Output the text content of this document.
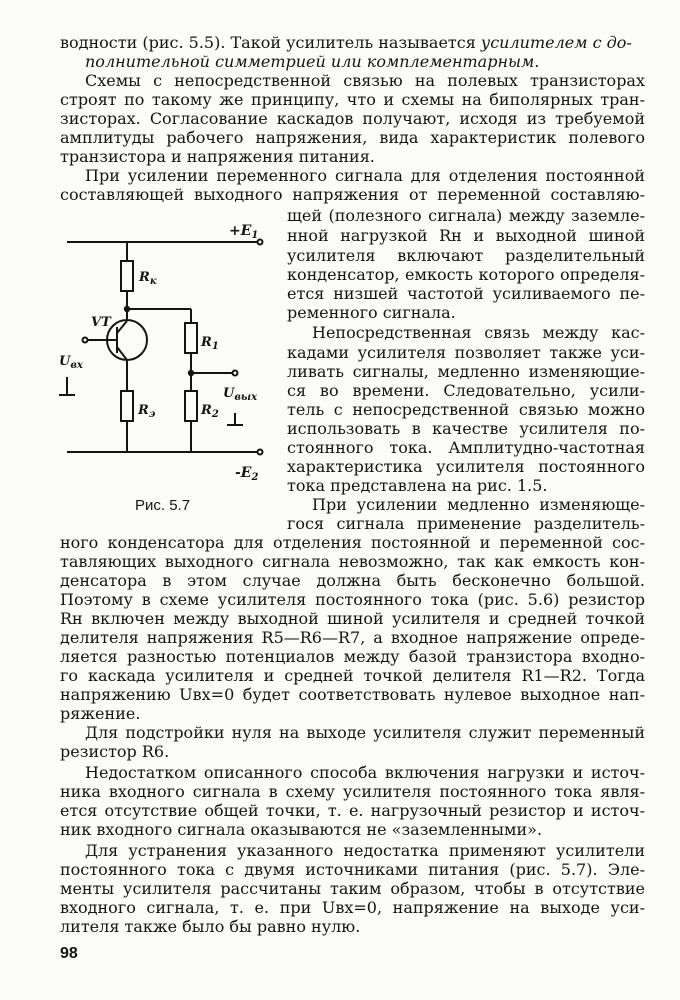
водности (рис. 5.5). Такой усилитель называется усилителем с до-
полнительной симметрией или комплементарным.
Схемы с непосредственной связью на полевых транзисторах
строят по такому же принципу, что и схемы на биполярных тран-
зисторах. Согласование каскадов получают, исходя из требуемой
амплитуды рабочего напряжения, вида характеристик полевого
транзистора и напряжения питания.
При усилении переменного сигнала для отделения постоянной
составляющей выходного напряжения от переменной составляю-
щей (полезного сигнала) между заземле-
нной нагрузкой Rн и выходной шиной
усилителя включают разделительный
конденсатор, емкость которого определя-
ется низшей частотой усиливаемого пе-
ременного сигнала.
Непосредственная связь между кас-
кадами усилителя позволяет также уси-
ливать сигналы, медленно изменяющие-
ся во времени. Следовательно, усили-
тель с непосредственной связью можно
использовать в качестве усилителя по-
стоянного тока. Амплитудно-частотная
характеристика усилителя постоянного
тока представлена на рис. 1.5.
При усилении медленно изменяюще-
гося сигнала применение разделитель-
ного конденсатора для отделения постоянной и переменной сос-
тавляющих выходного сигнала невозможно, так как емкость кон-
денсатора в этом случае должна быть бесконечно большой.
Поэтому в схеме усилителя постоянного тока (рис. 5.6) резистор
Rн включен между выходной шиной усилителя и средней точкой
делителя напряжения R5—R6—R7, а входное напряжение опреде-
ляется разностью потенциалов между базой транзистора входно-
го каскада усилителя и средней точкой делителя R1—R2. Тогда
напряжению Uвх=0 будет соответствовать нулевое выходное нап-
ряжение.
Для подстройки нуля на выходе усилителя служит переменный
резистор R6.
Недостатком описанного способа включения нагрузки и источ-
ника входного сигнала в схему усилителя постоянного тока явля-
ется отсутствие общей точки, т. е. нагрузочный резистор и источ-
ник входного сигнала оказываются не «заземленными».
Для устранения указанного недостатка применяют усилители
постоянного тока с двумя источниками питания (рис. 5.7). Эле-
менты усилителя рассчитаны таким образом, чтобы в отсутствие
входного сигнала, т. е. при Uвх=0, напряжение на выходе уси-
лителя также было бы равно нулю.
98
$+E_1$
$-E_2$
$R_к$
VT
$R_1$
$R_2$
$R_э$
$U_{вх}$
$U_{вых}$
Рис. 5.7
